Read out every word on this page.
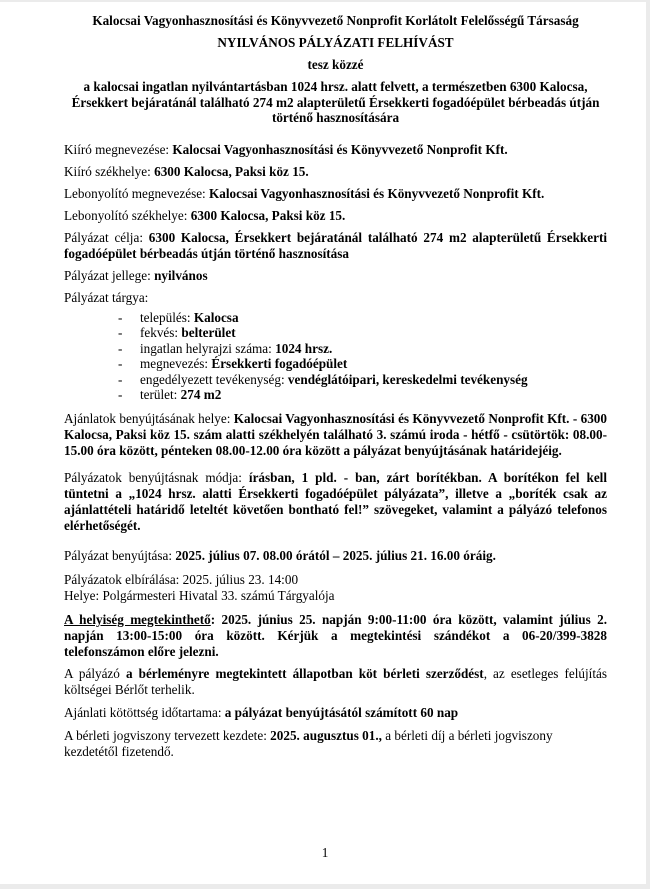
Kalocsai Vagyonhasznosítási és Könyvvezető Nonprofit Korlátolt Felelősségű Társaság

NYILVÁNOS PÁLYÁZATI FELHÍVÁST

tesz közzé

a kalocsai ingatlan nyilvántartásban 1024 hrsz. alatt felvett, a természetben 6300 Kalocsa, Érsekkert bejáratánál található 274 m2 alapterületű Érsekkerti fogadóépület bérbeadás útján történő hasznosítására

Kiíró megnevezése: Kalocsai Vagyonhasznosítási és Könyvvezető Nonprofit Kft.

Kiíró székhelye: 6300 Kalocsa, Paksi köz 15.

Lebonyolító megnevezése: Kalocsai Vagyonhasznosítási és Könyvvezető Nonprofit Kft.

Lebonyolító székhelye: 6300 Kalocsa, Paksi köz 15.

Pályázat célja: 6300 Kalocsa, Érsekkert bejáratánál található 274 m2 alapterületű Érsekkerti fogadóépület bérbeadás útján történő hasznosítása

Pályázat jellege: nyilvános

Pályázat tárgya:

-	település: Kalocsa
-	fekvés: belterület
-	ingatlan helyrajzi száma: 1024 hrsz.
-	megnevezés: Érsekkerti fogadóépület
-	engedélyezett tevékenység: vendéglátóipari, kereskedelmi tevékenység
-	terület: 274 m2

Ajánlatok benyújtásának helye: Kalocsai Vagyonhasznosítási és Könyvvezető Nonprofit Kft. - 6300 Kalocsa, Paksi köz 15. szám alatti székhelyén található 3. számú iroda - hétfő - csütörtök: 08.00-15.00 óra között, pénteken 08.00-12.00 óra között a pályázat benyújtásának határidejéig.

Pályázatok benyújtásnak módja: írásban, 1 pld. - ban, zárt borítékban. A borítékon fel kell tüntetni a „1024 hrsz. alatti Érsekkerti fogadóépület pályázata”, illetve a „boríték csak az ajánlattételi határidő leteltét követően bontható fel!” szövegeket, valamint a pályázó telefonos elérhetőségét.

Pályázat benyújtása: 2025. július 07. 08.00 órától – 2025. július 21. 16.00 óráig.

Pályázatok elbírálása: 2025. július 23. 14:00

Helye: Polgármesteri Hivatal 33. számú Tárgyalója

A helyiség megtekinthető: 2025. június 25. napján 9:00-11:00 óra között, valamint július 2. napján 13:00-15:00 óra között. Kérjük a megtekintési szándékot a 06-20/399-3828 telefonszámon előre jelezni.

A pályázó a bérleményre megtekintett állapotban köt bérleti szerződést, az esetleges felújítás költségei Bérlőt terhelik.

Ajánlati kötöttség időtartama: a pályázat benyújtásától számított 60 nap

A bérleti jogviszony tervezett kezdete: 2025. augusztus 01., a bérleti díj a bérleti jogviszony kezdetétől fizetendő.

1
